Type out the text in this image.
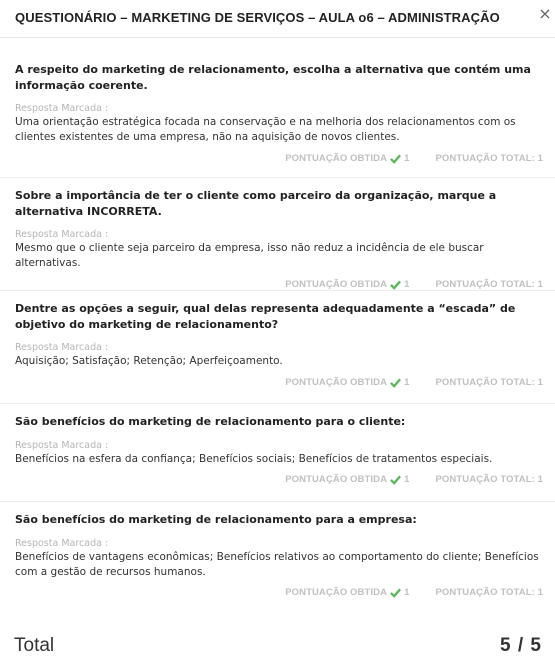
QUESTIONÁRIO – MARKETING DE SERVIÇOS – AULA o6 – ADMINISTRAÇÃO ×
A respeito do marketing de relacionamento, escolha a alternativa que contém uma informação coerente.
Resposta Marcada :
Uma orientação estratégica focada na conservação e na melhoria dos relacionamentos com os clientes existentes de uma empresa, não na aquisição de novos clientes.
PONTUAÇÃO OBTIDA 1	PONTUAÇÃO TOTAL: 1
Sobre a importância de ter o cliente como parceiro da organização, marque a alternativa INCORRETA.
Resposta Marcada :
Mesmo que o cliente seja parceiro da empresa, isso não reduz a incidência de ele buscar alternativas.
PONTUAÇÃO OBTIDA 1	PONTUAÇÃO TOTAL: 1
Dentre as opções a seguir, qual delas representa adequadamente a “escada” de objetivo do marketing de relacionamento?
Resposta Marcada :
Aquisição; Satisfação; Retenção; Aperfeiçoamento.
PONTUAÇÃO OBTIDA 1	PONTUAÇÃO TOTAL: 1
São benefícios do marketing de relacionamento para o cliente:
Resposta Marcada :
Benefícios na esfera da confiança; Benefícios sociais; Benefícios de tratamentos especiais.
PONTUAÇÃO OBTIDA 1	PONTUAÇÃO TOTAL: 1
São benefícios do marketing de relacionamento para a empresa:
Resposta Marcada :
Benefícios de vantagens econômicas; Benefícios relativos ao comportamento do cliente; Benefícios com a gestão de recursos humanos.
PONTUAÇÃO OBTIDA 1	PONTUAÇÃO TOTAL: 1
Total	5 / 5
